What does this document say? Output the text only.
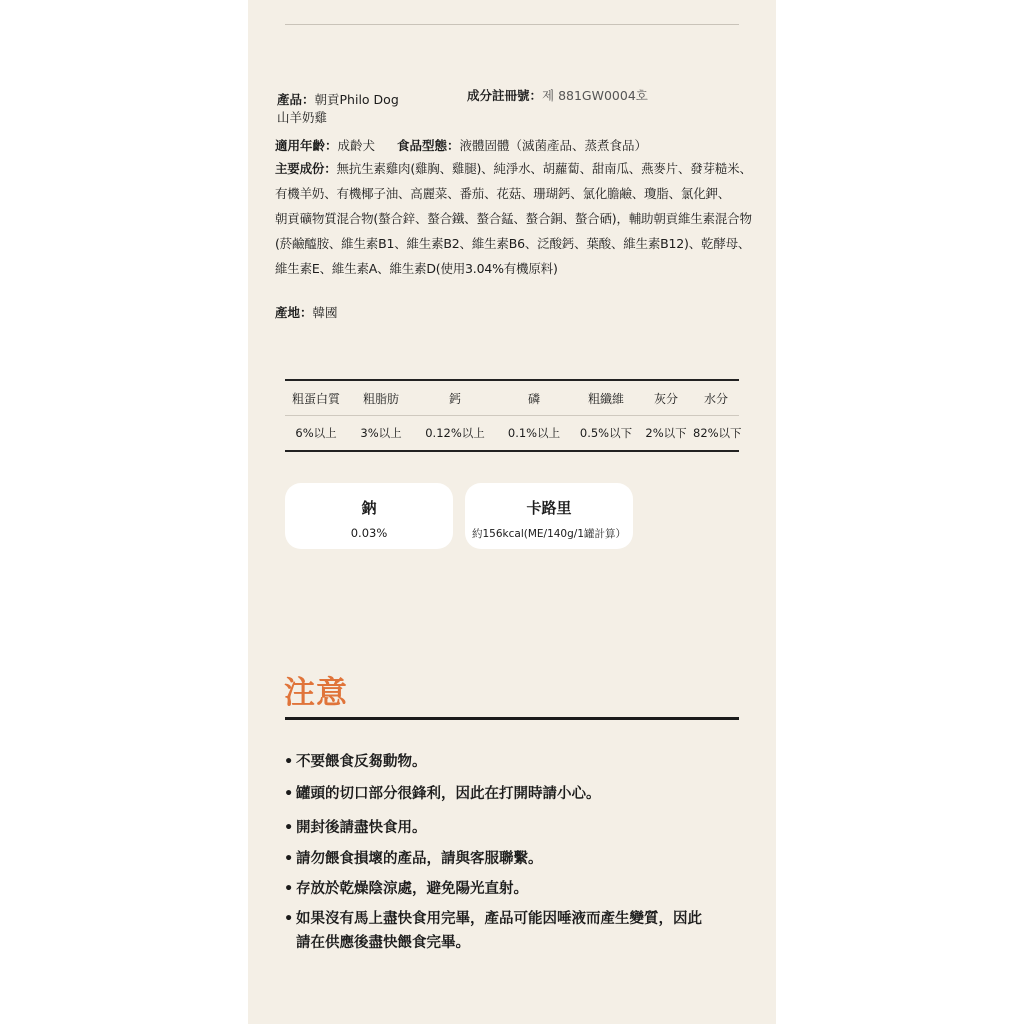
產品：朝貢Philo Dog
山羊奶雞
成分註冊號：제 881GW0004호
適用年齡：成齡犬 食品型態：液體固體（滅菌產品、蒸煮食品）
主要成份：無抗生素雞肉(雞胸、雞腿)、純淨水、胡蘿蔔、甜南瓜、燕麥片、發芽糙米、
有機羊奶、有機椰子油、高麗菜、番茄、花菇、珊瑚鈣、氯化膽鹼、瓊脂、氯化鉀、
朝貢礦物質混合物(螯合鋅、螯合鐵、螯合錳、螯合銅、螯合硒)，輔助朝貢維生素混合物
(菸鹼醯胺、維生素B1、維生素B2、維生素B6、泛酸鈣、葉酸、維生素B12)、乾酵母、
維生素E、維生素A、維生素D(使用3.04%有機原料)
產地：韓國
粗蛋白質	粗脂肪	鈣	磷	粗纖維	灰分	水分
6%以上	3%以上	0.12%以上	0.1%以上	0.5%以下	2%以下	82%以下
鈉
0.03%
卡路里
約156kcal(ME/140g/1罐計算）
注意
• 不要餵食反芻動物。
• 罐頭的切口部分很鋒利，因此在打開時請小心。
• 開封後請盡快食用。
• 請勿餵食損壞的產品，請與客服聯繫。
• 存放於乾燥陰涼處，避免陽光直射。
• 如果沒有馬上盡快食用完畢，產品可能因唾液而產生變質，因此
請在供應後盡快餵食完畢。
